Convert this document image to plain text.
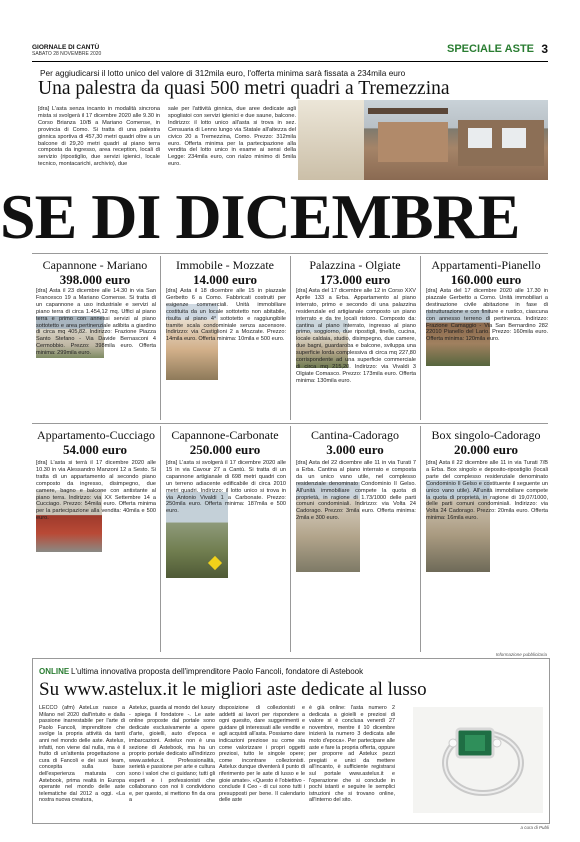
GIORNALE DI CANTÙ
SABATO 28 NOVEMBRE 2020	SPECIALE ASTE 3
Per aggiudicarsi il lotto unico del valore di 312mila euro, l'offerta minima sarà fissata a 234mila euro
Una palestra da quasi 500 metri quadri a Tremezzina
[dra] L'asta senza incanto in modalità sincrona mista si svolgerà il 17 dicembre 2020 alle 9.30 in Corso Brianza 10/B a Mariano Comense, in provincia di Como. Si tratta di una palestra ginnica sportiva di 457,30 metri quadri oltre a un balcone di 29,20 metri quadri al piano terra composta da ingresso, area reception, locali di servizio (ripostiglio, due servizi igienici, locale tecnico, montacarichi, archivio), due
sale per l'attività ginnica, due aree dedicate agli spogliatoi con servizi igienici e due saune, balcone. Indirizzo: il lotto unico all'asta si trova in sez. Censuaria di Lenno lungo via Statale all'altezza del civico 20 a Tremezzina, Como. Prezzo: 312mila euro. Offerta minima per la partecipazione alla vendita del lotto unico in esame ai sensi della Legge: 234mila euro, con rialzo minimo di 5mila euro.
SE DI DICEMBRE
Capannone - Mariano
398.000 euro
[dra] Asta il 23 dicembre alle 14.30 in via San Francesco 19 a Mariano Comense. Si tratta di un capannone a uso industriale e servizi al piano terra di circa 1.454,12 mq. Uffici al piano terra e primo con annessi servizi al piano sottotetto e area pertinenziale adibita a giardino di circa mq 405,82. Indirizzo: Frazione Piazza Santo Stefano - Via Davide Bernasconi 4 Cermobbio. Prezzo: 398mila euro. Offerta minima: 299mila euro.
Immobile - Mozzate
14.000 euro
[dra] Asta il 18 dicembre alle 15 in piazzale Gerbetto 6 a Como. Fabbricati costruiti per esigenze commerciali. Unità immobiliare costituita da un locale sottotetto non abitabile, risulta al piano 4° sottotetto e raggiungibile tramite scala condominiale senza ascensore. Indirizzo: via Castiglioni 2 a Mozzate. Prezzo: 14mila euro. Offerta minima: 10mila e 500 euro.
Palazzina - Olgiate
173.000 euro
[dra] Asta del 17 dicembre alle 12 in Corso XXV Aprile 133 a Erba. Appartamento al piano interrato, primo e secondo di una palazzina residenziale ed artigianale composto un piano interrato e da tre locali ristoro. Composto da: cantina al piano interrato, ingresso al piano primo, soggiorno, due ripostigli, tinello, cucina, locale caldaia, studio, disimpegno, due camere, due bagni, guardaroba e balcone, sviluppa una superficie lorda complessiva di circa mq 227,80 corrispondente ad una superficie commerciale di circa mq 215,20. Indirizzo: via Vivaldi 3 Olgiate Comasco. Prezzo: 173mila euro. Offerta minima: 130mila euro.
Appartamenti-Pianello
160.000 euro
[dra] Asta del 17 dicembre 2020 alle 17.30 in piazzale Gerbetto a Como. Unità immobiliari a destinazione civile abitazione in fase di ristrutturazione e con finiture e rustico, ciascuna con annesso terreno di pertinenza. Indirizzo: Frazione Camaggio - Via San Bernardino 282 22010 Pianello del Lario. Prezzo: 160mila euro. Offerta minima: 120mila euro.
Appartamento-Cucciago
54.000 euro
[dra] L'asta si terrà il 17 dicembre 2020 alle 10.30 in via Alessandro Manzoni 12 a Sesto. Si tratta di un appartamento al secondo piano composto da ingresso, disimpegno, due camere, bagno e balcone con antistante al piano terra. Indirizzo: via XX Settembre 14 a Cucciago. Prezzo: 54mila euro. Offerta minima per la partecipazione alla vendita: 40mila e 500 euro.
Capannone-Carbonate
250.000 euro
[dra] L'asta si svolgerà il 17 dicembre 2020 alle 15 in via Cavour 27 a Cantù. Si tratta di un capannone artigianale di 698 metri quadri con un terreno adiacente edificabile di circa 2010 metri quadri. Indirizzo: il lotto unico si trova in via Antonio Vivaldi 1 a Carbonate. Prezzo: 250mila euro. Offerta minima: 187mila e 500 euro.
Cantina-Cadorago
3.000 euro
[dra] Asta del 22 dicembre alle 11 in via Turati 7 a Erba. Cantina al piano interrato e composta da un unico vano utile, nel complesso residenziale denominato Condominio Il Gelso. All'unità immobiliare compete la quota di proprietà, in ragione di 1.73/1000 delle parti comuni condominiali. Indirizzo: via Volta 24 Cadorago. Prezzo: 3mila euro. Offerta minima: 2mila e 300 euro.
Box singolo-Cadorago
20.000 euro
[dra] Asta il 22 dicembre alle 11 in via Turati 7/B a Erba. Box singolo e deposito-ripostiglio (locali parte del complesso residenziale denominato Condominio Il Gelso e costituente il seguente un unico vano utile). All'unità immobiliare compete la quota di proprietà, in ragione di 19,07/1000, delle parti comuni condominiali. Indirizzo: via Volta 24 Cadorago. Prezzo: 20mila euro. Offerta minima: 16mila euro.
Informazione pubblicitaria
ONLINE L'ultima innovativa proposta dell'imprenditore Paolo Fancoli, fondatore di Astebook
Su www.astelux.it le migliori aste dedicate al lusso
LECCO (afm) AsteLux nasce a Milano nel 2020 dall'intuito e dalla passione inarrestabile per l'arte di Paolo Fancoli, imprenditore che svolge la propria attività da tanti anni nel mondo delle aste. Astelux, infatti, non viene dal nulla, ma è il frutto di un'attenta progettazione a cura di Fancoli e dei suoi team, concepita sulla base dell'esperienza maturata con Astebook, prima realtà in Europa operante nel mondo delle aste telematiche dal 2012 a oggi. «La nostra nuova creatura,
Astelux, guarda al mondo del luxury - spiega il fondatore -. Le aste online proposte dal portale sono dedicate esclusivamente a opere d'arte, gioielli, auto d'epoca e imbarcazioni. Astelux non è una sezione di Astebook, ma ha un proprio portale dedicato all'indirizzo www.astelux.it. Professionalità, serietà e passione per arte e cultura sono i valori che ci guidano; tutti gli esperti e i professionisti che collaborano con noi li condividono e, per questo, si mettono fin da ora a
disposizione di collezionisti e addetti ai lavori per rispondere a ogni quesito, dare suggerimenti e guidare gli interessati alle vendite e agli acquisti all'asta. Possiamo dare indicazioni preziose su come sia come valorizzare i propri oggetti preziosi, tutto le singole opere; come incontrare collezionisti. Astelux dunque diventerà il punto di riferimento per le aste di lusso e le gioie amate». «Questo è l'obiettivo - conclude il Ceo - di cui sono tutti i presupposti per bene. Il calendario delle aste
è già online: l'asta numero 2 dedicata a gioielli e preziosi di valore si è conclusa venerdì 27 novembre, mentre il 10 dicembre inizierà la numero 3 dedicata alle moto d'epoca». Per partecipare alle aste e fare la propria offerta, oppure per proporre ad Astelux pezzi pregiati e unici da mettere all'incanto, è sufficiente registrarsi sul portale www.astelux.it e l'operazione che si conclude in pochi istanti e seguire le semplici istruzioni che si trovano online, all'interno del sito.
a cura di Publi
